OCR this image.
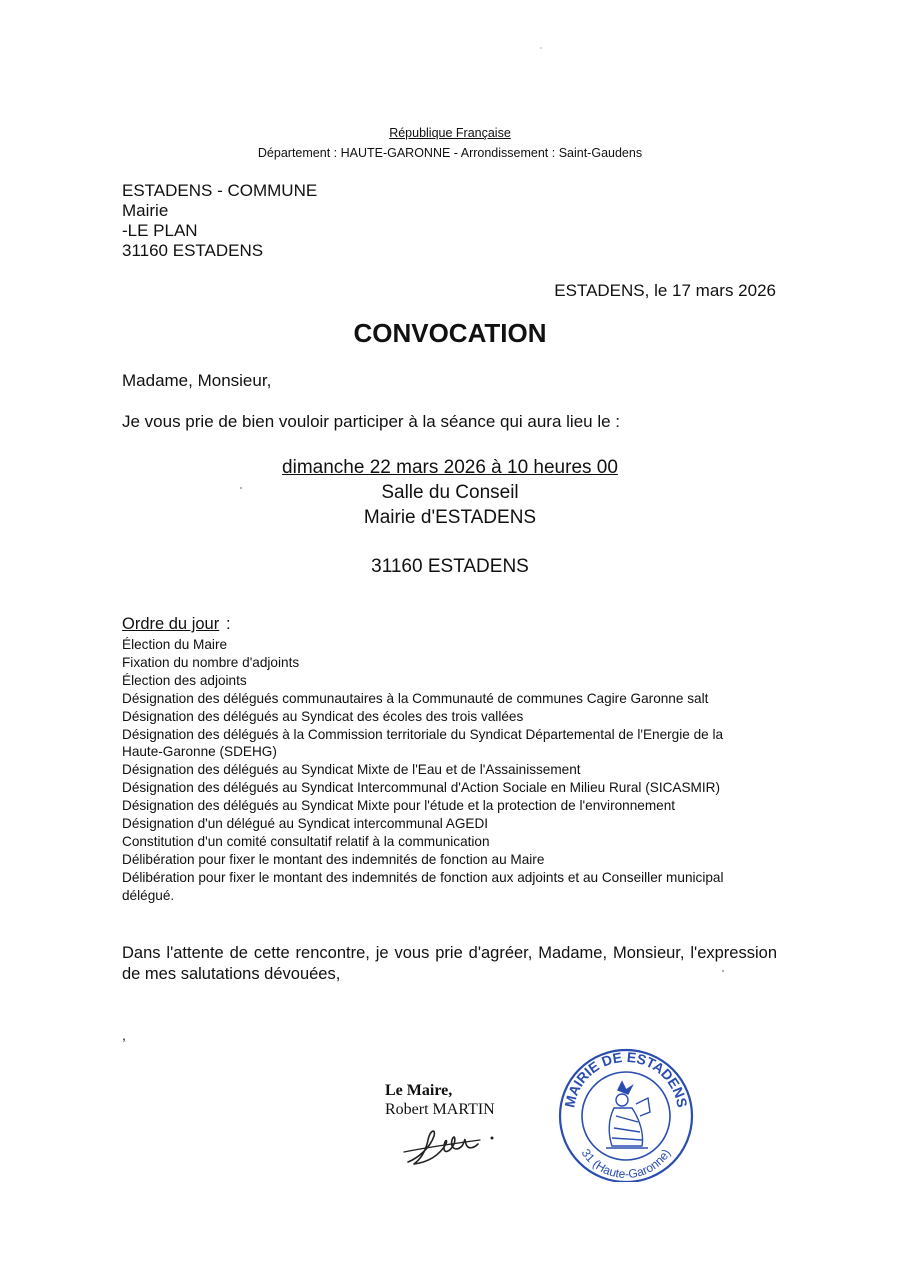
République Française
Département : HAUTE-GARONNE - Arrondissement : Saint-Gaudens
ESTADENS - COMMUNE
Mairie
-LE PLAN
31160 ESTADENS
ESTADENS, le 17 mars 2026
CONVOCATION
Madame, Monsieur,
Je vous prie de bien vouloir participer à la séance qui aura lieu le :
dimanche 22 mars 2026 à 10 heures 00
Salle du Conseil
Mairie d'ESTADENS
31160 ESTADENS
Ordre du jour :
Élection du Maire
Fixation du nombre d'adjoints
Élection des adjoints
Désignation des délégués communautaires à la Communauté de communes Cagire Garonne salt
Désignation des délégués au Syndicat des écoles des trois vallées
Désignation des délégués à la Commission territoriale du Syndicat Départemental de l'Energie de la Haute-Garonne (SDEHG)
Désignation des délégués au Syndicat Mixte de l'Eau et de l'Assainissement
Désignation des délégués au Syndicat Intercommunal d'Action Sociale en Milieu Rural (SICASMIR)
Désignation des délégués au Syndicat Mixte pour l'étude et la protection de l'environnement
Désignation d'un délégué au Syndicat intercommunal AGEDI
Constitution d'un comité consultatif relatif à la communication
Délibération pour fixer le montant des indemnités de fonction au Maire
Délibération pour fixer le montant des indemnités de fonction aux adjoints et au Conseiller municipal délégué.
Dans l'attente de cette rencontre, je vous prie d'agréer, Madame, Monsieur, l'expression de mes salutations dévouées,
,
Le Maire,
Robert MARTIN	MAIRIE DE ESTADENS
31 (Haute-Garonne)
